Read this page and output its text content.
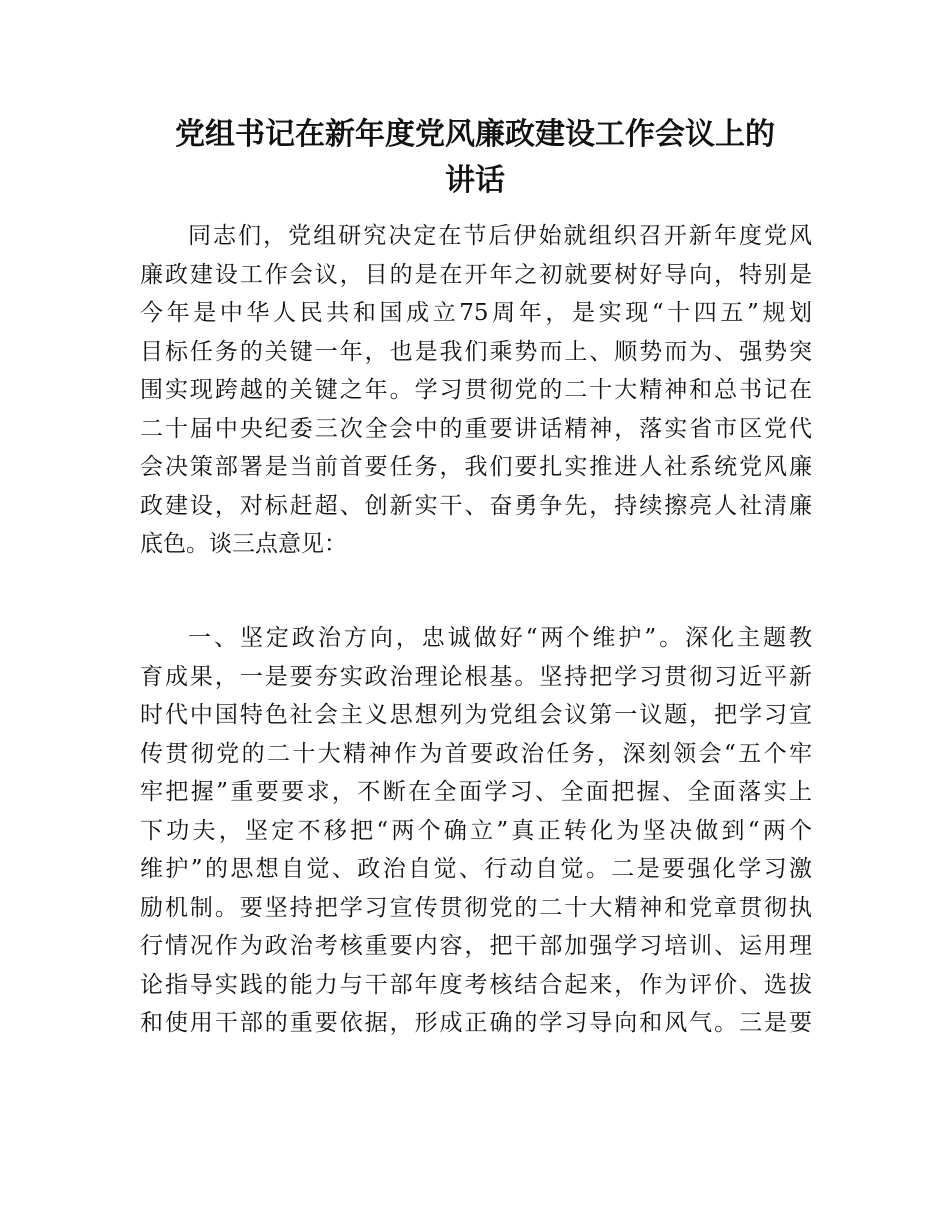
党组书记在新年度党风廉政建设工作会议上的
讲话
同志们，党组研究决定在节后伊始就组织召开新年度党风
廉政建设工作会议，目的是在开年之初就要树好导向，特别是
今年是中华人民共和国成立75周年，是实现“十四五”规划
目标任务的关键一年，也是我们乘势而上、顺势而为、强势突
围实现跨越的关键之年。学习贯彻党的二十大精神和总书记在
二十届中央纪委三次全会中的重要讲话精神，落实省市区党代
会决策部署是当前首要任务，我们要扎实推进人社系统党风廉
政建设，对标赶超、创新实干、奋勇争先，持续擦亮人社清廉
底色。谈三点意见：
一、坚定政治方向，忠诚做好“两个维护”。深化主题教
育成果，一是要夯实政治理论根基。坚持把学习贯彻习近平新
时代中国特色社会主义思想列为党组会议第一议题，把学习宣
传贯彻党的二十大精神作为首要政治任务，深刻领会“五个牢
牢把握”重要要求，不断在全面学习、全面把握、全面落实上
下功夫，坚定不移把“两个确立”真正转化为坚决做到“两个
维护”的思想自觉、政治自觉、行动自觉。二是要强化学习激
励机制。要坚持把学习宣传贯彻党的二十大精神和党章贯彻执
行情况作为政治考核重要内容，把干部加强学习培训、运用理
论指导实践的能力与干部年度考核结合起来，作为评价、选拔
和使用干部的重要依据，形成正确的学习导向和风气。三是要
